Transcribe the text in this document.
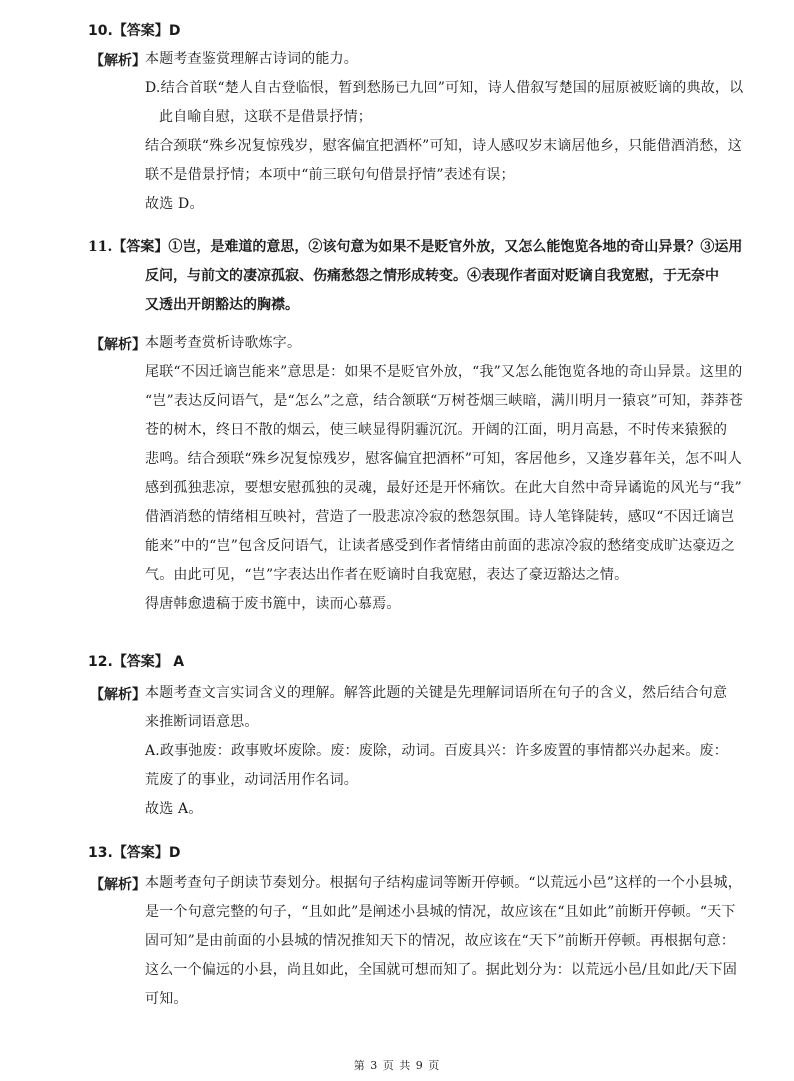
10.【答案】D
【解析】 本题考查鉴赏理解古诗词的能力。

D.结合首联“楚人自古登临恨，暂到愁肠已九回”可知，诗人借叙写楚国的屈原被贬谪的典故，以

此自喻自慰，这联不是借景抒情；

结合颈联“殊乡况复惊残岁，慰客偏宜把酒杯”可知，诗人感叹岁末谪居他乡，只能借酒消愁，这

联不是借景抒情；本项中“前三联句句借景抒情”表述有误；

故选 D。

11.【答案】①岂，是难道的意思，②该句意为如果不是贬官外放，又怎么能饱览各地的奇山异景？③运用

反问，与前文的凄凉孤寂、伤痛愁怨之情形成转变。④表现作者面对贬谪自我宽慰，于无奈中

又透出开朗豁达的胸襟。

【解析】 本题考查赏析诗歌炼字。

尾联“不因迁谪岂能来”意思是：如果不是贬官外放，“我”又怎么能饱览各地的奇山异景。这里的

“岂”表达反问语气，是“怎么”之意，结合颔联“万树苍烟三峡暗，满川明月一猿哀”可知，莽莽苍

苍的树木，终日不散的烟云，使三峡显得阴霾沉沉。开阔的江面，明月高悬，不时传来猿猴的

悲鸣。结合颈联“殊乡况复惊残岁，慰客偏宜把酒杯”可知，客居他乡，又逢岁暮年关，怎不叫人

感到孤独悲凉，要想安慰孤独的灵魂，最好还是开怀痛饮。在此大自然中奇异谲诡的风光与“我”

借酒消愁的情绪相互映衬，营造了一股悲凉冷寂的愁怨氛围。诗人笔锋陡转，感叹“不因迁谪岂

能来”中的“岂”包含反问语气，让读者感受到作者情绪由前面的悲凉冷寂的愁绪变成旷达豪迈之

气。由此可见，“岂”字表达出作者在贬谪时自我宽慰，表达了豪迈豁达之情。

得唐韩愈遗稿于废书簏中，读而心慕焉。

12.【答案】 A
【解析】 本题考查文言实词含义的理解。解答此题的关键是先理解词语所在句子的含义，然后结合句意

来推断词语意思。

A.政事弛废：政事败坏废除。废：废除，动词。百废具兴：许多废置的事情都兴办起来。废：

荒废了的事业，动词活用作名词。

故选 A。

13.【答案】D
【解析】 本题考查句子朗读节奏划分。根据句子结构虚词等断开停顿。“以荒远小邑”这样的一个小县城，

是一个句意完整的句子，“且如此”是阐述小县城的情况，故应该在“且如此”前断开停顿。“天下

固可知”是由前面的小县城的情况推知天下的情况，故应该在“天下”前断开停顿。再根据句意：

这么一个偏远的小县，尚且如此，全国就可想而知了。据此划分为：以荒远小邑/且如此/天下固

可知。

第 3 页 共 9 页
